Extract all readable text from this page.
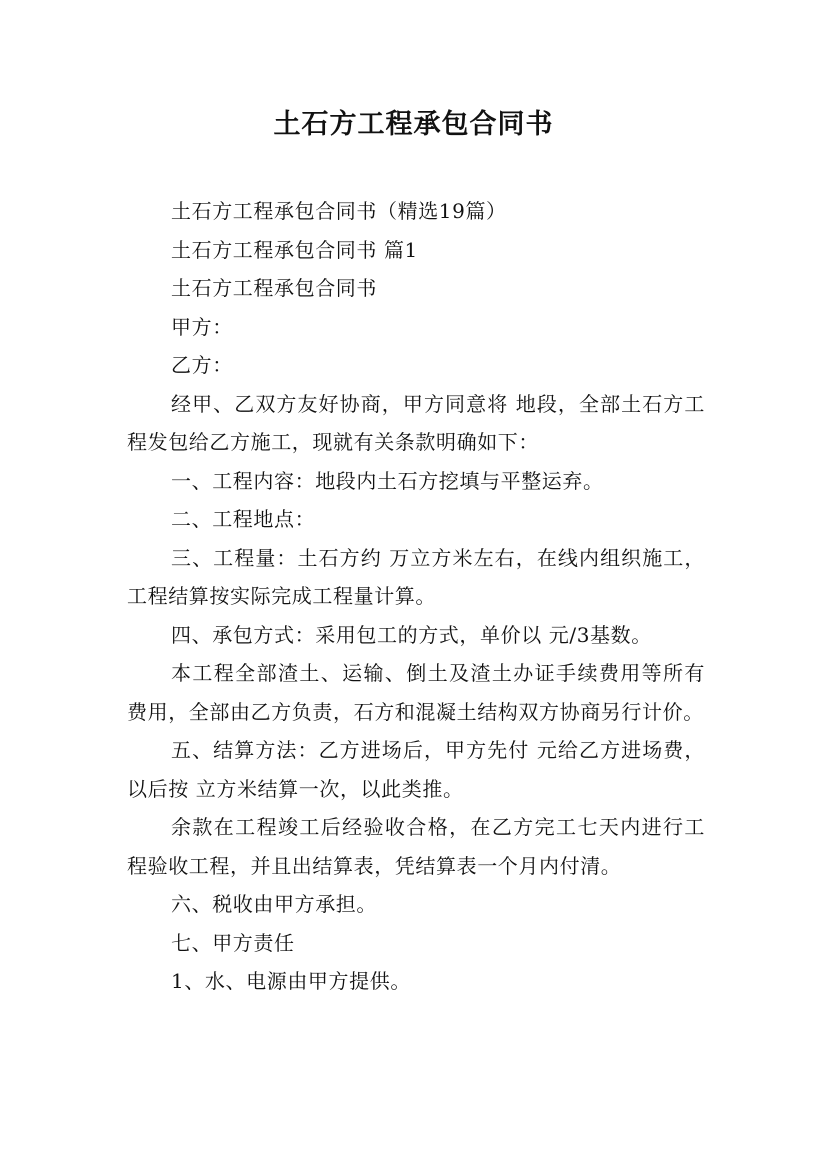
土石方工程承包合同书

土石方工程承包合同书（精选19篇）

土石方工程承包合同书 篇1

土石方工程承包合同书

甲方：

乙方：

经甲、乙双方友好协商，甲方同意将 地段，全部土石方工程发包给乙方施工，现就有关条款明确如下：

一、工程内容：地段内土石方挖填与平整运弃。

二、工程地点：

三、工程量：土石方约 万立方米左右，在线内组织施工，工程结算按实际完成工程量计算。

四、承包方式：采用包工的方式，单价以 元/3基数。

本工程全部渣土、运输、倒土及渣土办证手续费用等所有费用，全部由乙方负责，石方和混凝土结构双方协商另行计价。

五、结算方法：乙方进场后，甲方先付 元给乙方进场费，以后按 立方米结算一次，以此类推。

余款在工程竣工后经验收合格，在乙方完工七天内进行工程验收工程，并且出结算表，凭结算表一个月内付清。

六、税收由甲方承担。

七、甲方责任

1、水、电源由甲方提供。
